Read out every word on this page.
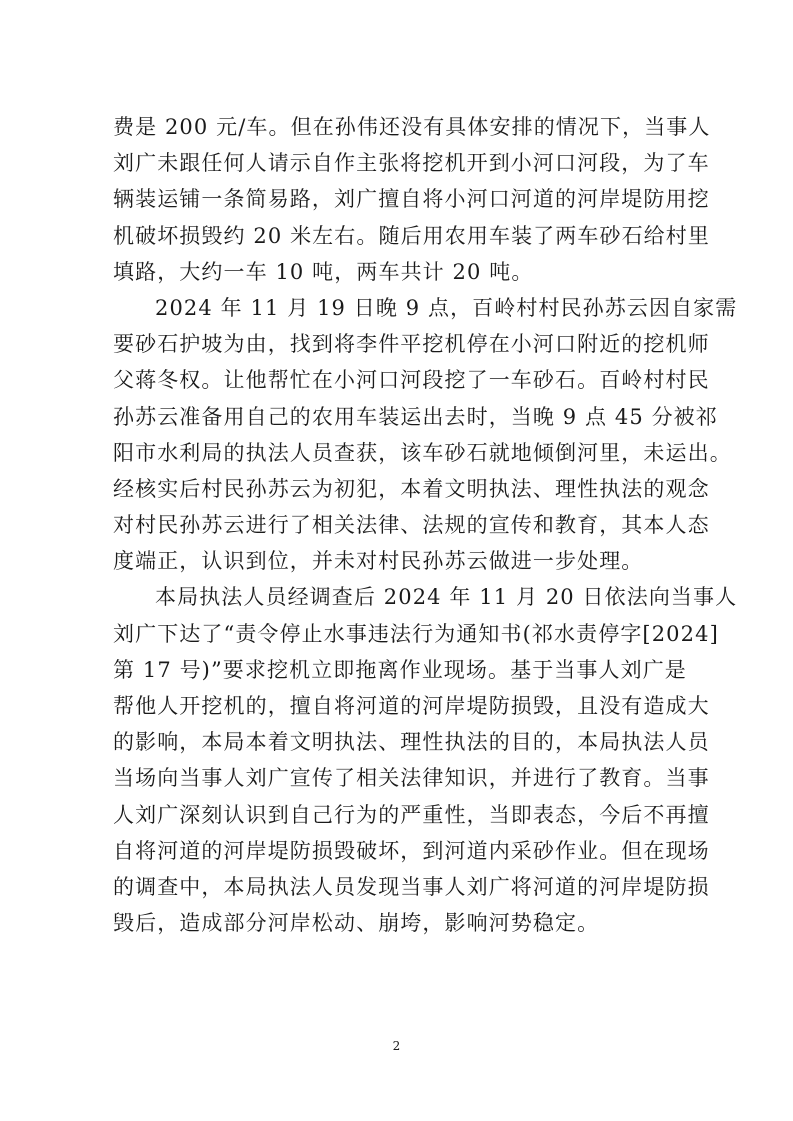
费是 200 元/车。但在孙伟还没有具体安排的情况下，当事人
刘广未跟任何人请示自作主张将挖机开到小河口河段，为了车
辆装运铺一条简易路，刘广擅自将小河口河道的河岸堤防用挖
机破坏损毁约 20 米左右。随后用农用车装了两车砂石给村里
填路，大约一车 10 吨，两车共计 20 吨。
2024 年 11 月 19 日晚 9 点，百岭村村民孙苏云因自家需
要砂石护坡为由，找到将李件平挖机停在小河口附近的挖机师
父蒋冬权。让他帮忙在小河口河段挖了一车砂石。百岭村村民
孙苏云准备用自己的农用车装运出去时，当晚 9 点 45 分被祁
阳市水利局的执法人员查获，该车砂石就地倾倒河里，未运出。
经核实后村民孙苏云为初犯，本着文明执法、理性执法的观念
对村民孙苏云进行了相关法律、法规的宣传和教育，其本人态
度端正，认识到位，并未对村民孙苏云做进一步处理。
本局执法人员经调查后 2024 年 11 月 20 日依法向当事人
刘广下达了“责令停止水事违法行为通知书(祁水责停字[2024]
第 17 号)”要求挖机立即拖离作业现场。基于当事人刘广是
帮他人开挖机的，擅自将河道的河岸堤防损毁，且没有造成大
的影响，本局本着文明执法、理性执法的目的，本局执法人员
当场向当事人刘广宣传了相关法律知识，并进行了教育。当事
人刘广深刻认识到自己行为的严重性，当即表态，今后不再擅
自将河道的河岸堤防损毁破坏，到河道内采砂作业。但在现场
的调查中，本局执法人员发现当事人刘广将河道的河岸堤防损
毁后，造成部分河岸松动、崩垮，影响河势稳定。
2
